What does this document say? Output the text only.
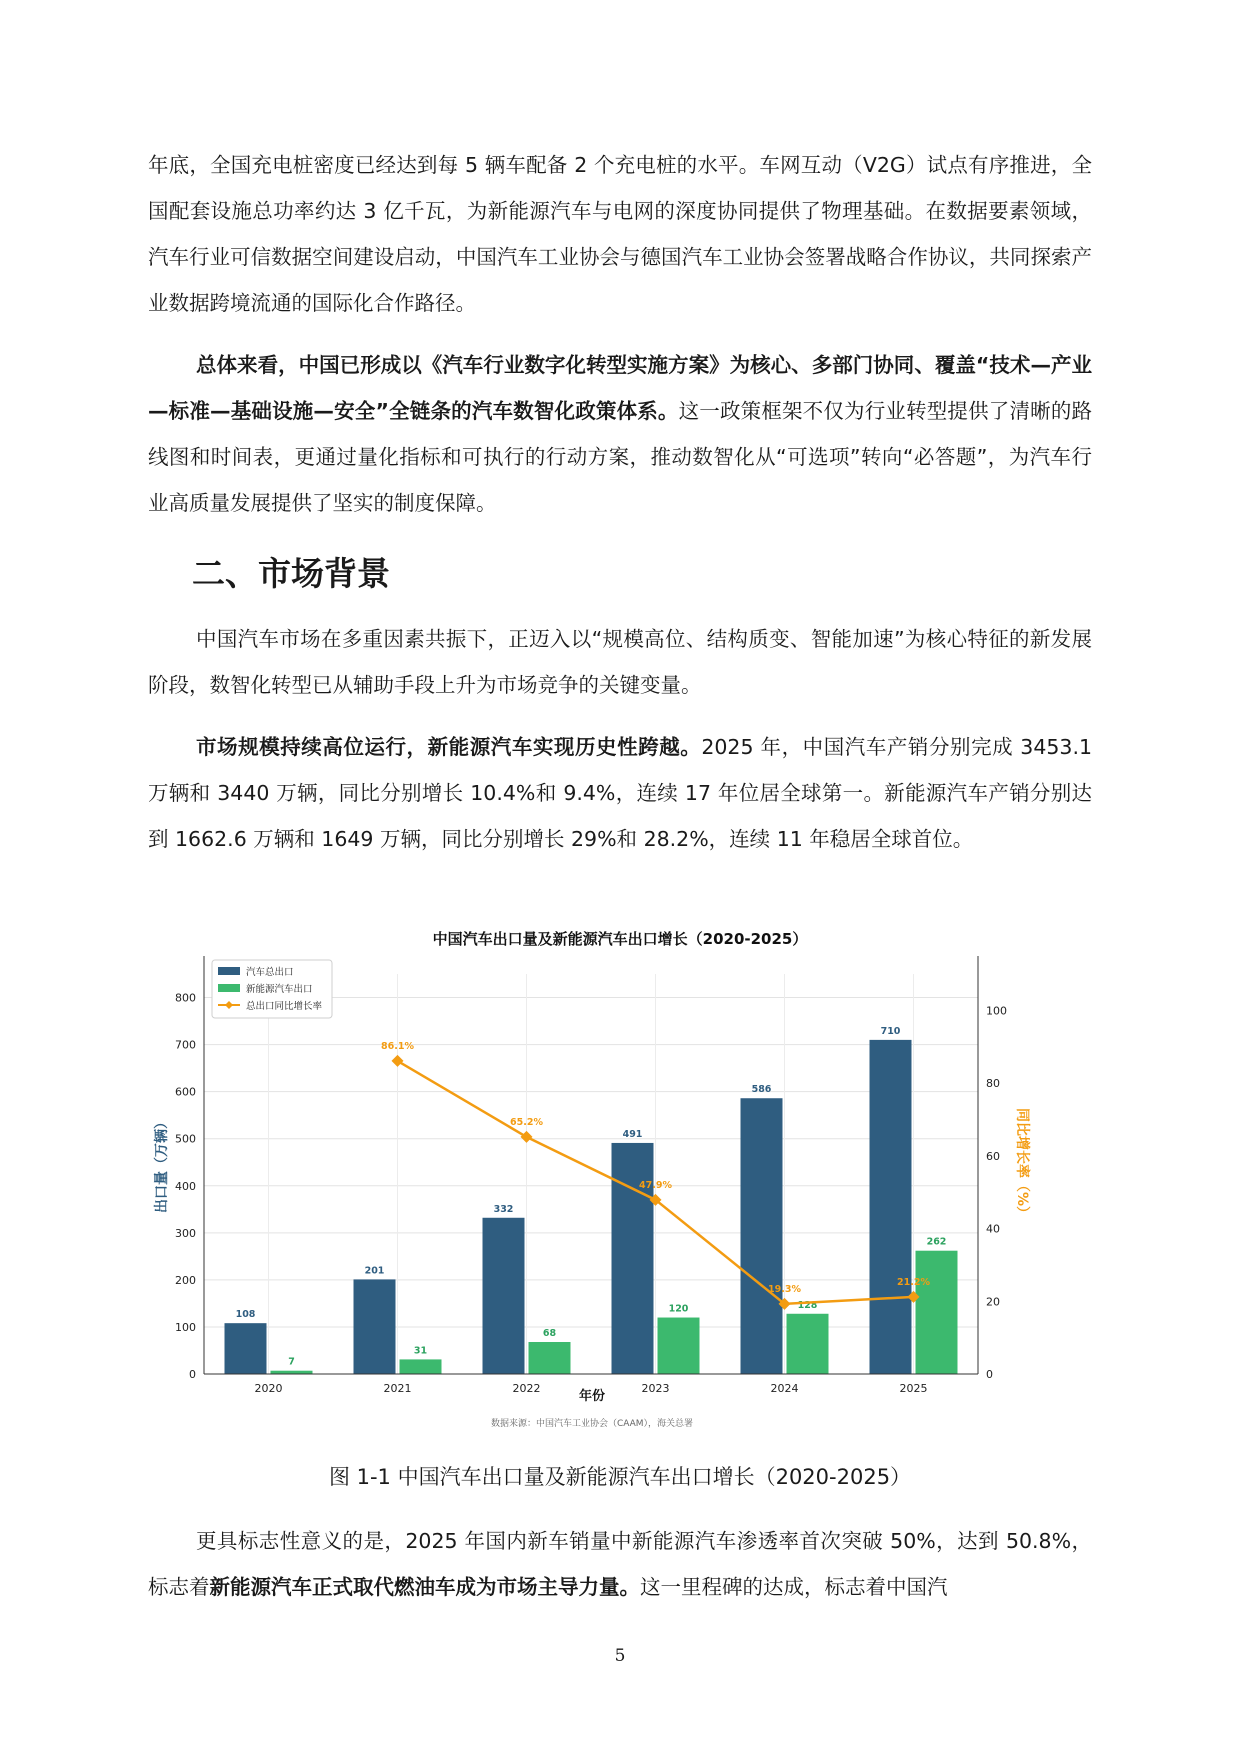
年底，全国充电桩密度已经达到每 5 辆车配备 2 个充电桩的水平。车网互动（V2G）试点有序推进，全国配套设施总功率约达 3 亿千瓦，为新能源汽车与电网的深度协同提供了物理基础。在数据要素领域，汽车行业可信数据空间建设启动，中国汽车工业协会与德国汽车工业协会签署战略合作协议，共同探索产业数据跨境流通的国际化合作路径。

总体来看，中国已形成以《汽车行业数字化转型实施方案》为核心、多部门协同、覆盖“技术—产业—标准—基础设施—安全”全链条的汽车数智化政策体系。这一政策框架不仅为行业转型提供了清晰的路线图和时间表，更通过量化指标和可执行的行动方案，推动数智化从“可选项”转向“必答题”，为汽车行业高质量发展提供了坚实的制度保障。

二、市场背景

中国汽车市场在多重因素共振下，正迈入以“规模高位、结构质变、智能加速”为核心特征的新发展阶段，数智化转型已从辅助手段上升为市场竞争的关键变量。

市场规模持续高位运行，新能源汽车实现历史性跨越。2025 年，中国汽车产销分别完成 3453.1 万辆和 3440 万辆，同比分别增长 10.4%和 9.4%，连续 17 年位居全球第一。新能源汽车产销分别达到 1662.6 万辆和 1649 万辆，同比分别增长 29%和 28.2%，连续 11 年稳居全球首位。

中国汽车出口量及新能源汽车出口增长（2020-2025）
108
201
332
491
586
710
7
31
68
120	128
262
86.1%
65.2%
47.9%
19.3%
21.2%
0
100
200
300
400
500
600
700
800
0
20
40
60
80
100
2020	2021	2022	2023	2024	2025
年份
出口量（万辆）	同比增长率（%）
数据来源：中国汽车工业协会（CAAM），海关总署
汽车总出口
新能源汽车出口
总出口同比增长率
图 1-1 中国汽车出口量及新能源汽车出口增长（2020-2025）

更具标志性意义的是，2025 年国内新车销量中新能源汽车渗透率首次突破 50%，达到 50.8%，标志着新能源汽车正式取代燃油车成为市场主导力量。这一里程碑的达成，标志着中国汽

5
